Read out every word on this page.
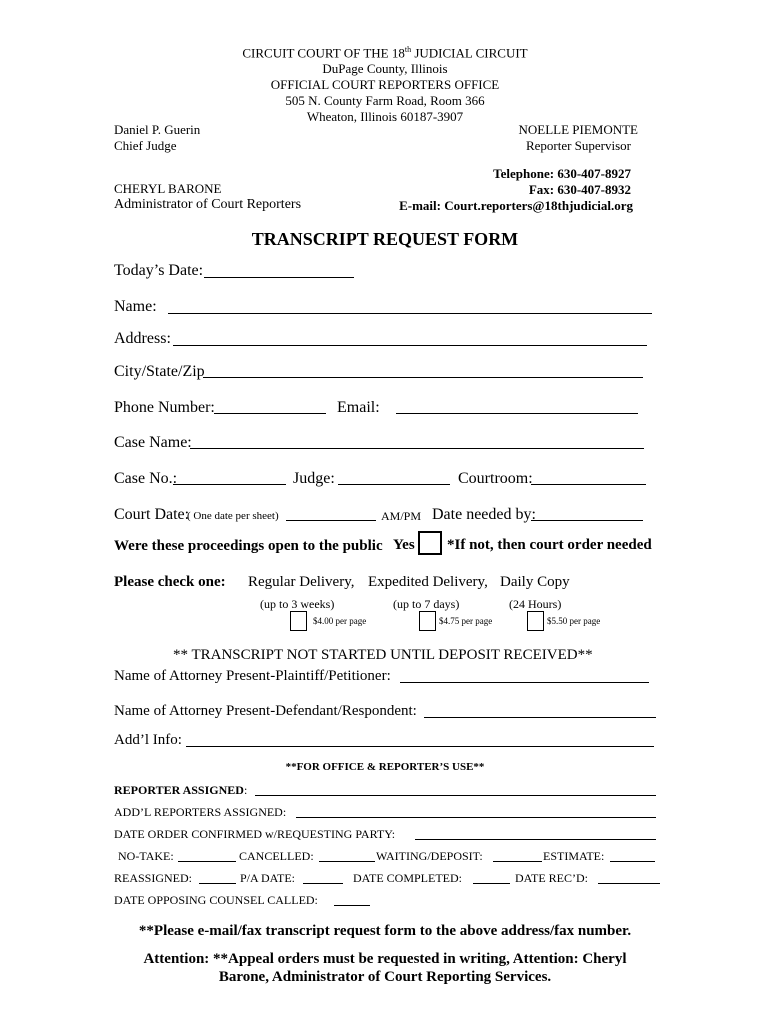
CIRCUIT COURT OF THE 18th JUDICIAL CIRCUIT
DuPage County, Illinois
OFFICIAL COURT REPORTERS OFFICE
505 N. County Farm Road, Room 366
Wheaton, Illinois 60187-3907
Daniel P. Guerin
Chief Judge
NOELLE PIEMONTE
Reporter Supervisor
Telephone: 630-407-8927
Fax: 630-407-8932
E-mail: Court.reporters@18thjudicial.org
CHERYL BARONE
Administrator of Court Reporters
TRANSCRIPT REQUEST FORM
Today’s Date:
Name:
Address:
City/State/Zip
Phone Number:	Email:
Case Name:
Case No.:	Judge:	Courtroom:
Court Date:
( One date per sheet)	AM/PM Date needed by:
Were these proceedings open to the public Yes *If not, then court order needed
Please check one: Regular Delivery, Expedited Delivery, Daily Copy
(up to 3 weeks)	(up to 7 days)	(24 Hours)
$4.00 per page	$4.75 per page	$5.50 per page
** TRANSCRIPT NOT STARTED UNTIL DEPOSIT RECEIVED**
Name of Attorney Present-Plaintiff/Petitioner:
Name of Attorney Present-Defendant/Respondent:
Add’l Info:
**FOR OFFICE & REPORTER’S USE**
REPORTER ASSIGNED:
ADD’L REPORTERS ASSIGNED:
DATE ORDER CONFIRMED w/REQUESTING PARTY:
NO-TAKE:	CANCELLED:	WAITING/DEPOSIT:	ESTIMATE:
REASSIGNED:	P/A DATE:	DATE COMPLETED:	DATE REC’D:
DATE OPPOSING COUNSEL CALLED:
**Please e-mail/fax transcript request form to the above address/fax number.
Attention: **Appeal orders must be requested in writing, Attention: Cheryl
Barone, Administrator of Court Reporting Services.
